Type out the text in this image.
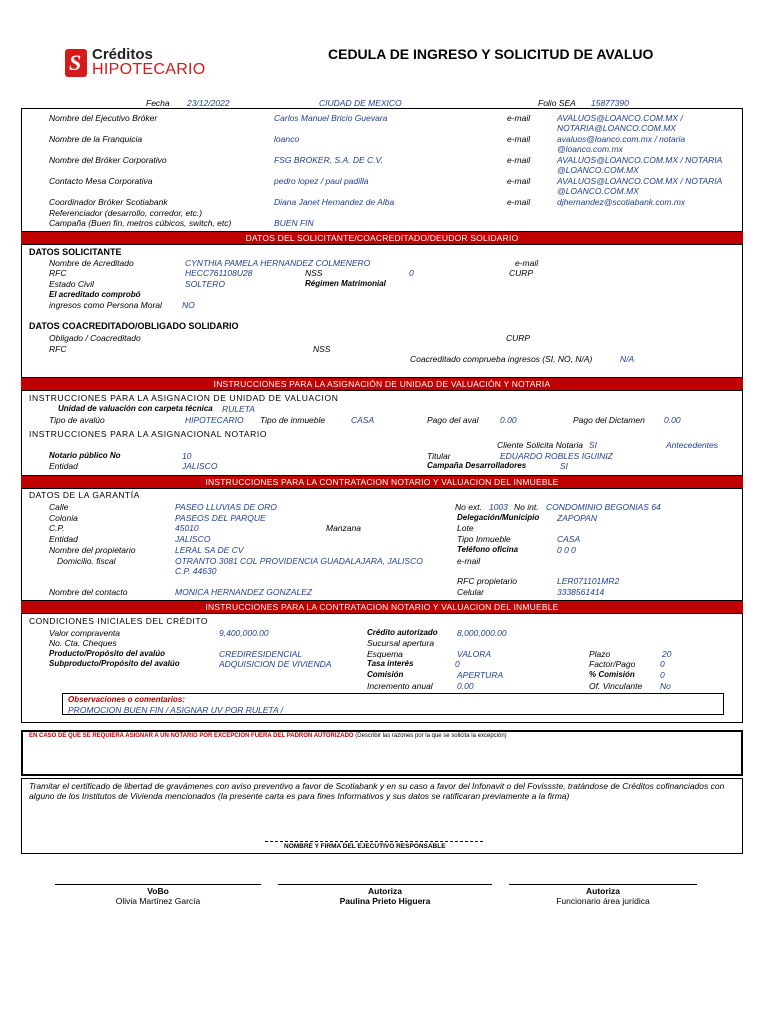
S Créditos
HIPOTECARIO
CEDULA DE INGRESO Y SOLICITUD DE AVALUO
Fecha 23/12/2022	CIUDAD DE MEXICO	Folio SEA 15877390
Nombre del Ejecutivo Bróker	Carlos Manuel Bricio Guevara	e-mail	AVALUOS@LOANCO.COM.MX / NOTARIA@LOANCO.COM.MX
Nombre de la Franquicia	loanco	e-mail	avaluos@loanco.com.mx / notaria @loanco.com.mx
Nombre del Bróker Corporativo	FSG BROKER, S.A. DE C.V.	e-mail	AVALUOS@LOANCO.COM.MX / NOTARIA @LOANCO.COM.MX
Contacto Mesa Corporativa	pedro lopez / paul padilla	e-mail	AVALUOS@LOANCO.COM.MX / NOTARIA @LOANCO.COM.MX
Coordinador Bróker Scotiabank	Diana Janet Hernandez de Alba	e-mail	djhernandez@scotiabank.com.mx
Referenciador (desarrollo, corredor, etc.)
Campaña (Buen fin, metros cúbicos, switch, etc)	BUEN FIN
DATOS DEL SOLICITANTE/COACREDITADO/DEUDOR SOLIDARIO
DATOS SOLICITANTE
Nombre de Acreditado	CYNTHIA PAMELA HERNANDEZ COLMENERO	e-mail
RFC	HECC761108U28	NSS	0	CURP
Estado Civil	SOLTERO	Régimen Matrimonial
El acreditado comprobó
ingresos como Persona Moral NO
DATOS COACREDITADO/OBLIGADO SOLIDARIO
Obligado / Coacreditado	CURP
RFC	NSS
Coacreditado comprueba ingresos (SI, NO, N/A)	N/A
INSTRUCCIONES PARA LA ASIGNACIÓN DE UNIDAD DE VALUACIÓN Y NOTARIA
INSTRUCCIONES PARA LA ASIGNACION DE UNIDAD DE VALUACION
Unidad de valuación con carpeta técnica RULETA
Tipo de avalúo	HIPOTECARIO Tipo de inmueble	CASA	Pago del aval	0.00	Pago del Dictamen 0.00
INSTRUCCIONES PARA LA ASIGNACIONAL NOTARIO
Cliente Solicita Notaria SI	Antecedentes
Notario público No	10	Titular	EDUARDO ROBLES IGUINIZ
Entidad	JALISCO	Campaña Desarrolladores	SI
INSTRUCCIONES PARA LA CONTRATACION NOTARIO Y VALUACION DEL INMUEBLE
DATOS DE LA GARANTÍA
Calle	PASEO LLUVIAS DE ORO	No ext. 1003 No int. CONDOMINIO BEGONIAS 64
Colonia	PASEOS DEL PARQUE	Delegación/Municipio ZAPOPAN
C.P.	45010	Manzana	Lote
Entidad	JALISCO	Tipo Inmueble	CASA
Nombre del propietario	LERAL SA DE CV	Teléfono oficina	0 0 0
Domicilio. fiscal	OTRANTO 3081 COL PROVIDENCIA GUADALAJARA, JALISCO
C.P. 44630
e-mail
RFC propietario	LER071101MR2
Nombre del contacto	MONICA HERNANDEZ GONZALEZ	Celular	3338561414
INSTRUCCIONES PARA LA CONTRATACION NOTARIO Y VALUACION DEL INMUEBLE
CONDICIONES INICIALES DEL CRÉDITO
Valor compraventa	9,400,000.00	Crédito autorizado 8,000,000.00
No. Cta. Cheques	Sucursal apertura
Producto/Propósito del avalúo	CREDIRESIDENCIAL	Esquema	VALORA	Plazo	20
Subproducto/Propósito del avalúo	ADQUISICION DE VIVIENDA	Tasa interés	0	Factor/Pago	0
Comisión	APERTURA	% Comisión	0
Incremento anual	0.00	Of. Vinculante No
Observaciones o comentarios:
PROMOCION BUEN FIN / ASIGNAR UV POR RULETA /
EN CASO DE QUE SE REQUIERA ASIGNAR A UN NOTARIO POR EXCEPCION FUERA DEL PADRÓN AUTORIZADO (Describir las razones por la que se solicita la excepción)
Tramitar el certificado de libertad de gravámenes con aviso preventivo a favor de Scotiabank y en su caso a favor del Infonavit o del Fovissste, tratándose de Créditos cofinanciados con alguno de los Institutos de Vivienda mencionados (la presente carta es para fines Informativos y sus datos se ratificaran previamente a la firma)
NOMBRE Y FIRMA DEL EJECUTIVO RESPONSABLE
VoBo
Olivia Martínez García
Autoriza
Paulina Prieto Higuera
Autoriza
Funcionario área jurídica
